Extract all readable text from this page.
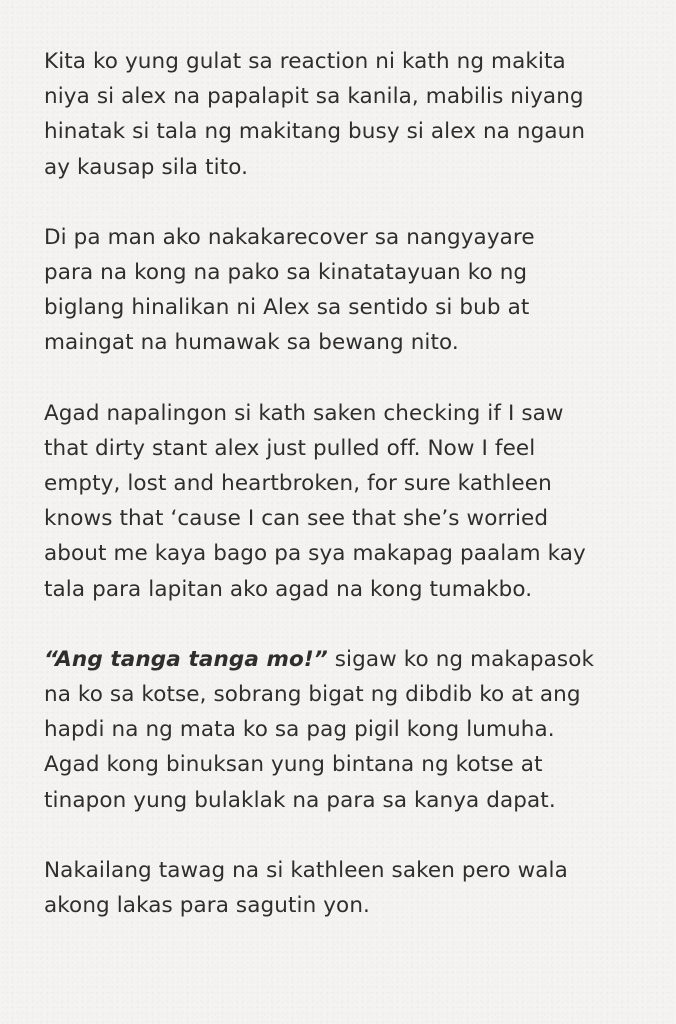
Kita ko yung gulat sa reaction ni kath ng makita
niya si alex na papalapit sa kanila, mabilis niyang
hinatak si tala ng makitang busy si alex na ngaun
ay kausap sila tito.

Di pa man ako nakakarecover sa nangyayare
para na kong na pako sa kinatatayuan ko ng
biglang hinalikan ni Alex sa sentido si bub at
maingat na humawak sa bewang nito.

Agad napalingon si kath saken checking if I saw
that dirty stant alex just pulled off. Now I feel
empty, lost and heartbroken, for sure kathleen
knows that ‘cause I can see that she’s worried
about me kaya bago pa sya makapag paalam kay
tala para lapitan ako agad na kong tumakbo.

“Ang tanga tanga mo!” sigaw ko ng makapasok
na ko sa kotse, sobrang bigat ng dibdib ko at ang
hapdi na ng mata ko sa pag pigil kong lumuha.
Agad kong binuksan yung bintana ng kotse at
tinapon yung bulaklak na para sa kanya dapat.

Nakailang tawag na si kathleen saken pero wala
akong lakas para sagutin yon.
